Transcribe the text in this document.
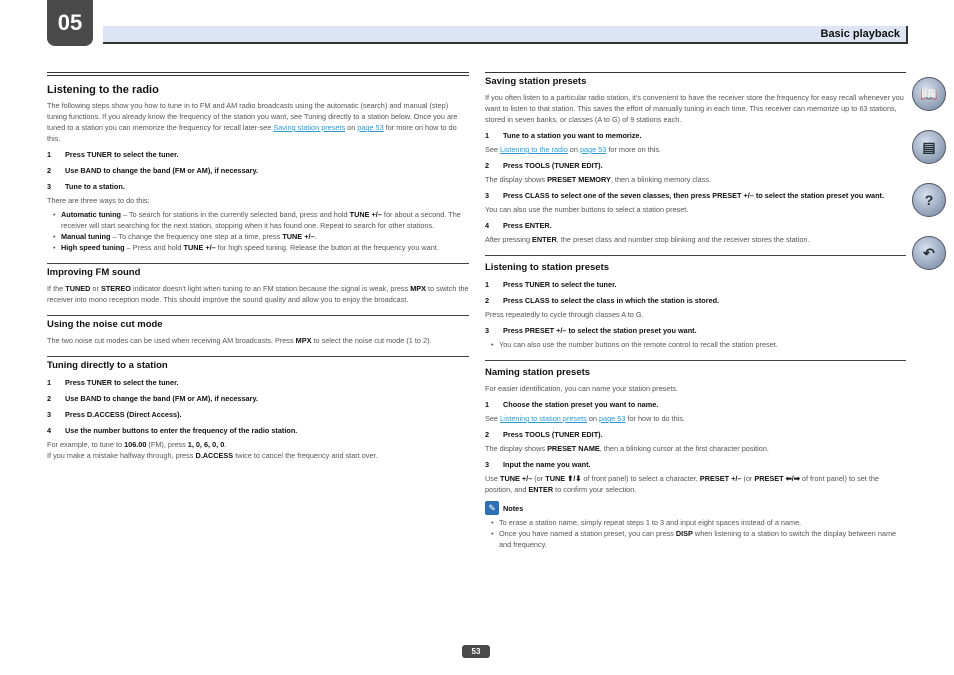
05	Basic playback
Listening to the radio
The following steps show you how to tune in to FM and AM radio broadcasts using the automatic (search) and manual (step) tuning functions. If you already know the frequency of the station you want, see Tuning directly to a station below. Once you are tuned to a station you can memorize the frequency for recall later-see Saving station presets on page 53 for more on how to do this.
1	Press TUNER to select the tuner.
2	Use BAND to change the band (FM or AM), if necessary.
3	Tune to a station.
There are three ways to do this:
• Automatic tuning – To search for stations in the currently selected band, press and hold TUNE +/– for about a second. The receiver will start searching for the next station, stopping when it has found one. Repeat to search for other stations.
• Manual tuning – To change the frequency one step at a time, press TUNE +/–.
• High speed tuning – Press and hold TUNE +/– for high speed tuning. Release the button at the frequency you want.
Improving FM sound
If the TUNED or STEREO indicator doesn't light when tuning to an FM station because the signal is weak, press MPX to switch the receiver into mono reception mode. This should improve the sound quality and allow you to enjoy the broadcast.
Using the noise cut mode
The two noise cut modes can be used when receiving AM broadcasts. Press MPX to select the noise cut mode (1 to 2).
Tuning directly to a station
1	Press TUNER to select the tuner.
2	Use BAND to change the band (FM or AM), if necessary.
3	Press D.ACCESS (Direct Access).
4	Use the number buttons to enter the frequency of the radio station.
For example, to tune to 106.00 (FM), press 1, 0, 6, 0, 0.
If you make a mistake halfway through, press D.ACCESS twice to cancel the frequency and start over.
Saving station presets
If you often listen to a particular radio station, it's convenient to have the receiver store the frequency for easy recall whenever you want to listen to that station. This saves the effort of manually tuning in each time. This receiver can memorize up to 63 stations, stored in seven banks, or classes (A to G) of 9 stations each.
1	Tune to a station you want to memorize.
See Listening to the radio on page 53 for more on this.
2	Press TOOLS (TUNER EDIT).
The display shows PRESET MEMORY, then a blinking memory class.
3	Press CLASS to select one of the seven classes, then press PRESET +/– to select the station preset you want.
You can also use the number buttons to select a station preset.
4	Press ENTER.
After pressing ENTER, the preset class and number stop blinking and the receiver stores the station.
Listening to station presets
1	Press TUNER to select the tuner.
2	Press CLASS to select the class in which the station is stored.
Press repeatedly to cycle through classes A to G.
3	Press PRESET +/– to select the station preset you want.
• You can also use the number buttons on the remote control to recall the station preset.
Naming station presets
For easier identification, you can name your station presets.
1	Choose the station preset you want to name.
See Listening to station presets on page 53 for how to do this.
2	Press TOOLS (TUNER EDIT).
The display shows PRESET NAME, then a blinking cursor at the first character position.
3	Input the name you want.
Use TUNE +/– (or TUNE ⬆/⬇ of front panel) to select a character, PRESET +/– (or PRESET ⬅/➡ of front panel) to set the position, and ENTER to confirm your selection.
✎ Notes
• To erase a station name, simply repeat steps 1 to 3 and input eight spaces instead of a name.
• Once you have named a station preset, you can press DISP when listening to a station to switch the display between name and frequency.
📖
▤
?
↶
53
